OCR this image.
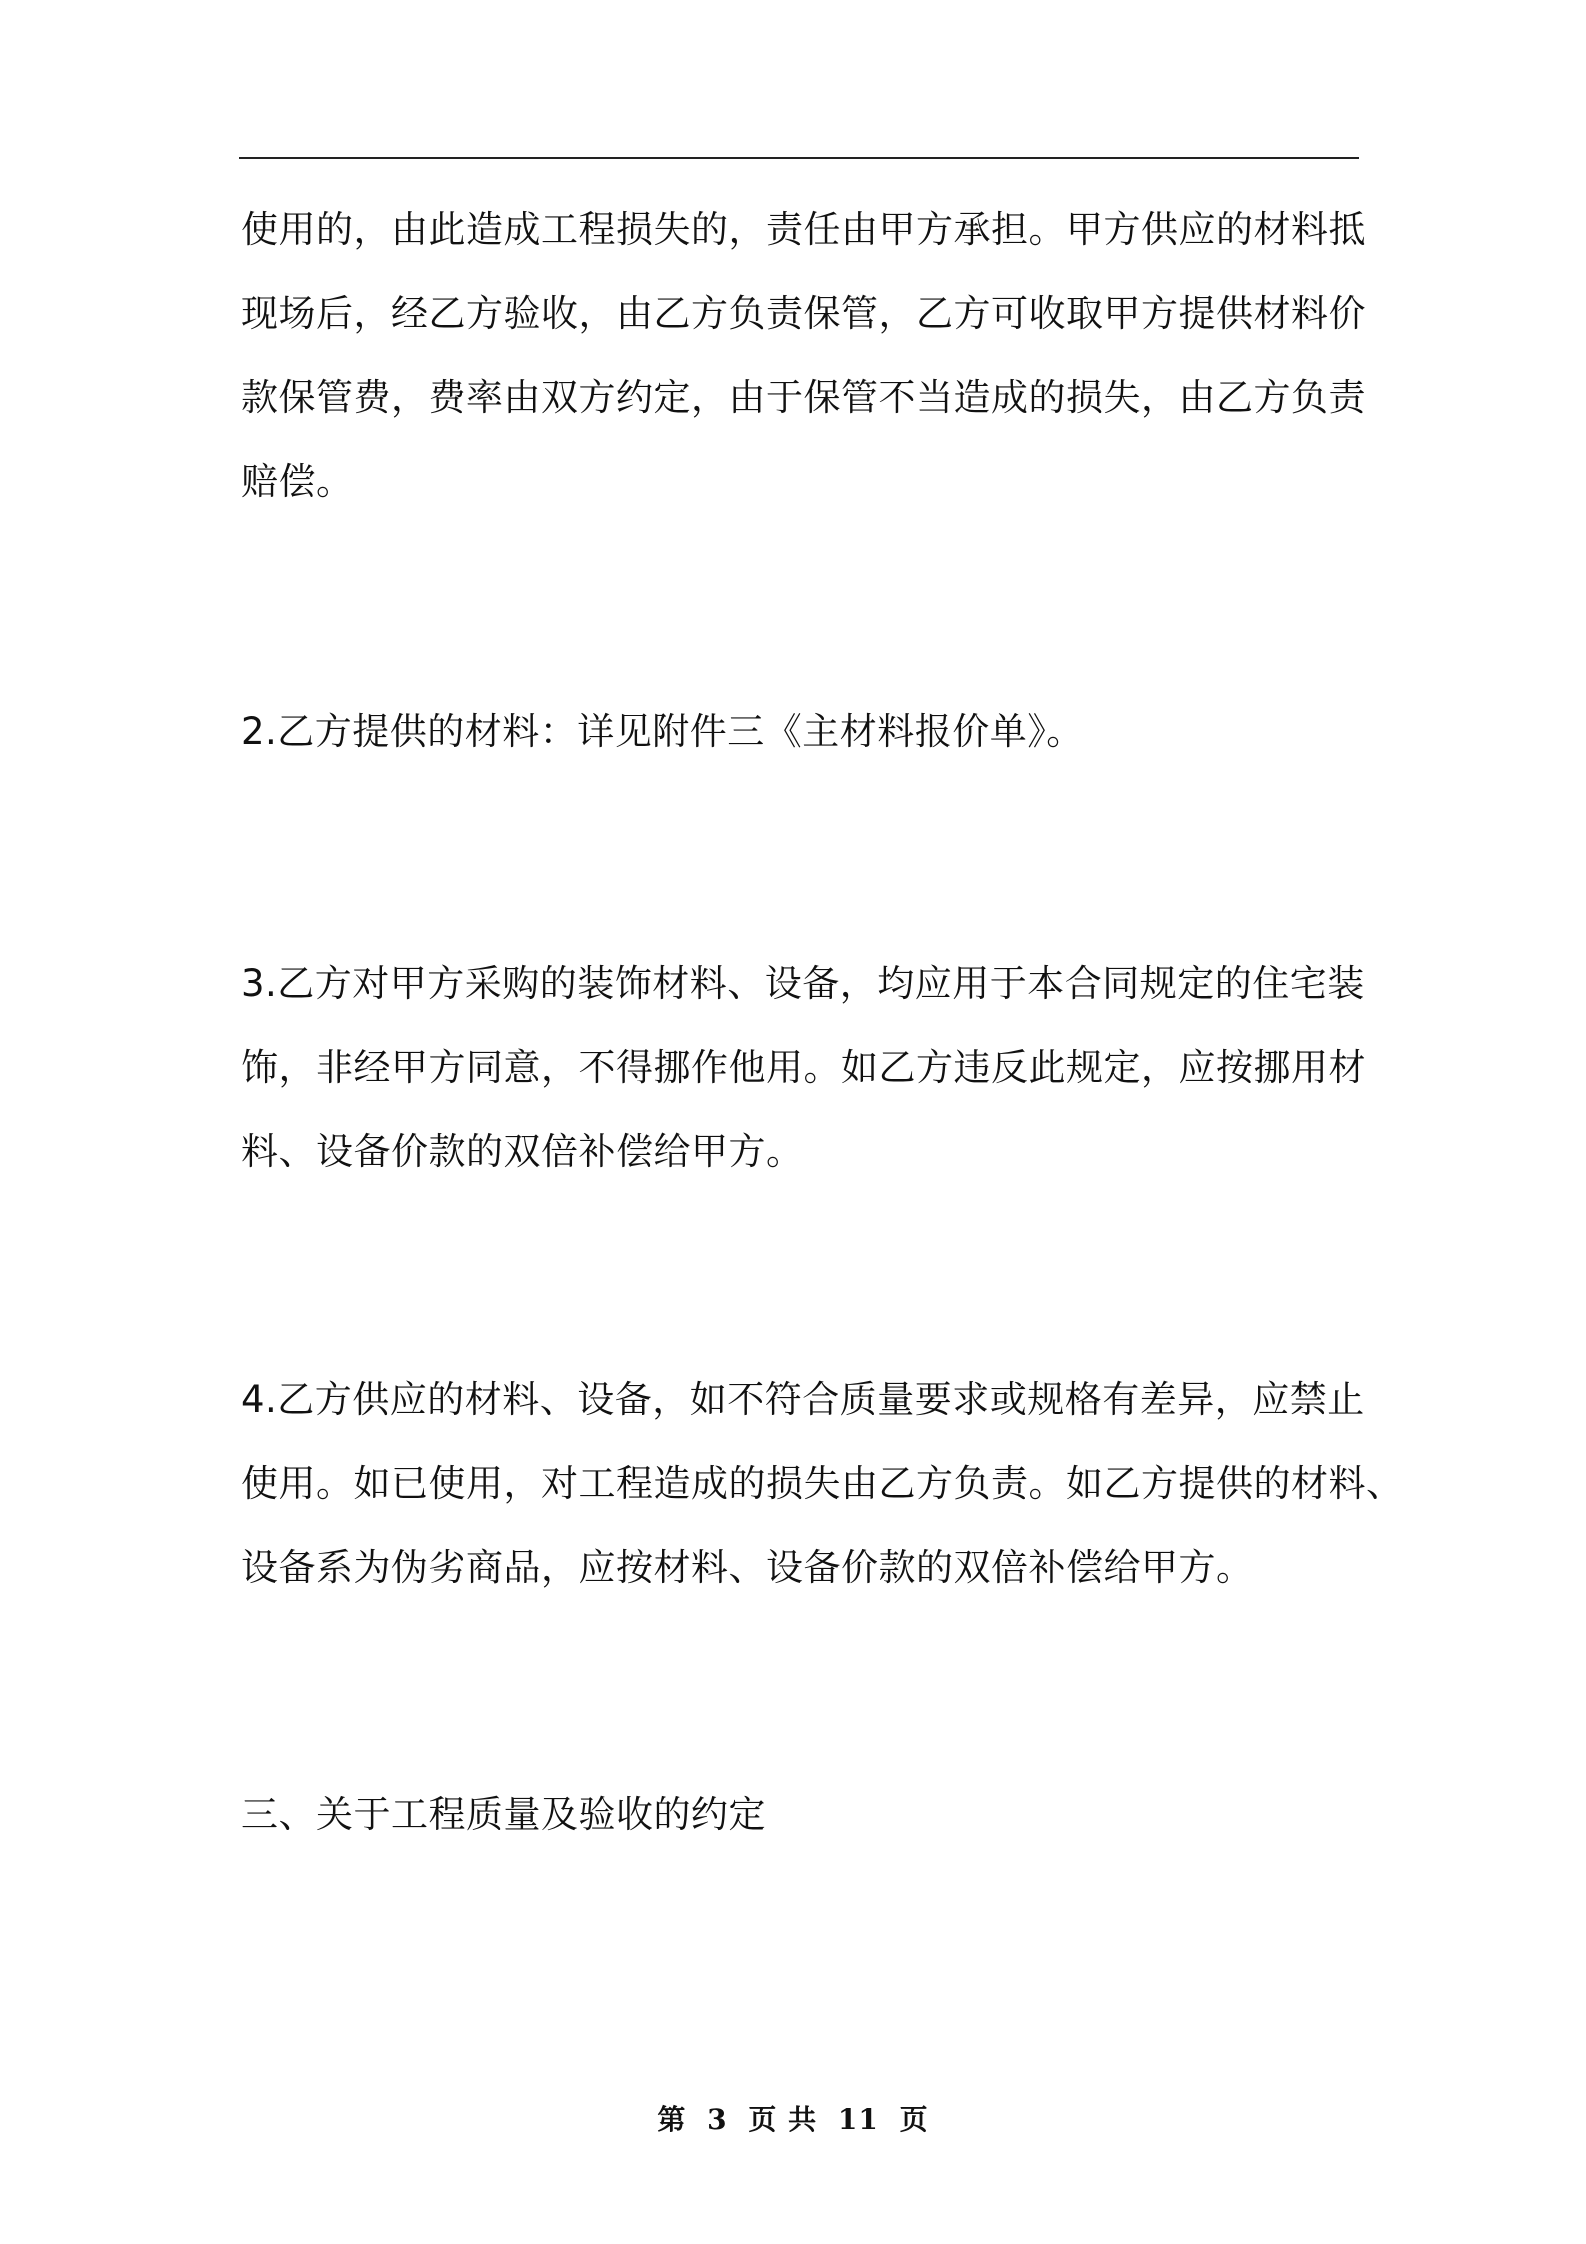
使用的，由此造成工程损失的，责任由甲方承担。甲方供应的材料抵
现场后，经乙方验收，由乙方负责保管，乙方可收取甲方提供材料价
款保管费，费率由双方约定，由于保管不当造成的损失，由乙方负责
赔偿。
2.乙方提供的材料：详见附件三《主材料报价单》。
3.乙方对甲方采购的装饰材料、设备，均应用于本合同规定的住宅装
饰，非经甲方同意，不得挪作他用。如乙方违反此规定，应按挪用材
料、设备价款的双倍补偿给甲方。
4.乙方供应的材料、设备，如不符合质量要求或规格有差异，应禁止
使用。如已使用，对工程造成的损失由乙方负责。如乙方提供的材料、
设备系为伪劣商品，应按材料、设备价款的双倍补偿给甲方。
三、关于工程质量及验收的约定
第 3 页 共 11 页
